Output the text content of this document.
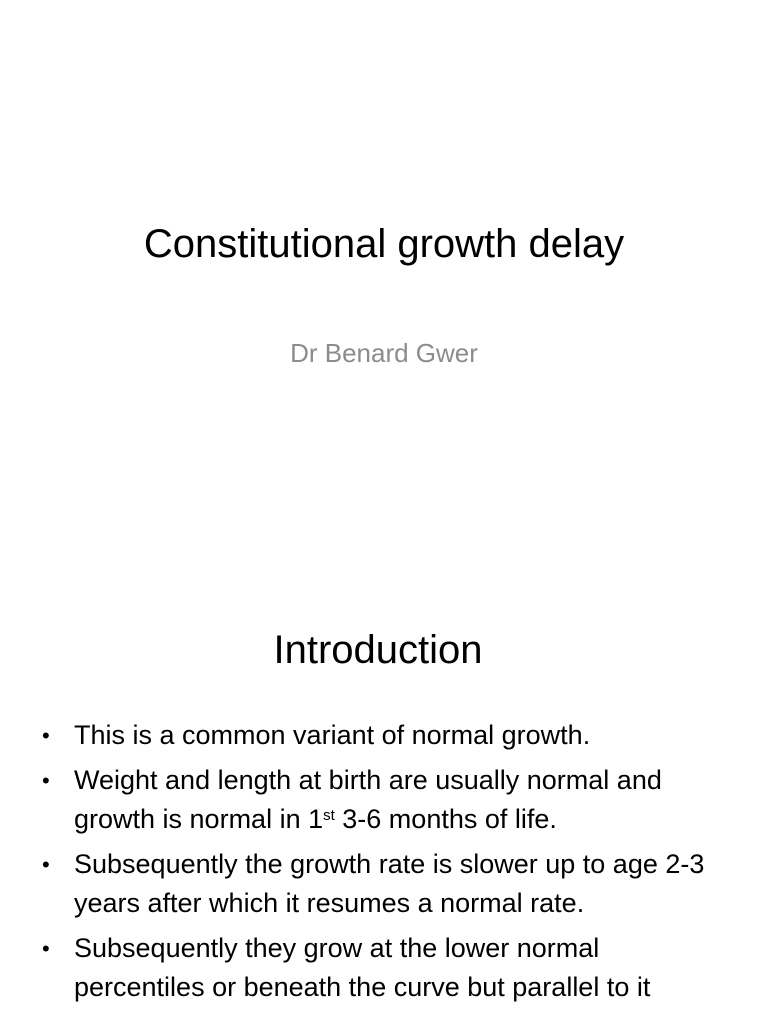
Constitutional growth delay

Dr Benard Gwer

Introduction
• This is a common variant of normal growth.
• Weight and length at birth are usually normal and growth is normal in 1st 3-6 months of life.
• Subsequently the growth rate is slower up to age 2-3 years after which it resumes a normal rate.
• Subsequently they grow at the lower normal percentiles or beneath the curve but parallel to it
